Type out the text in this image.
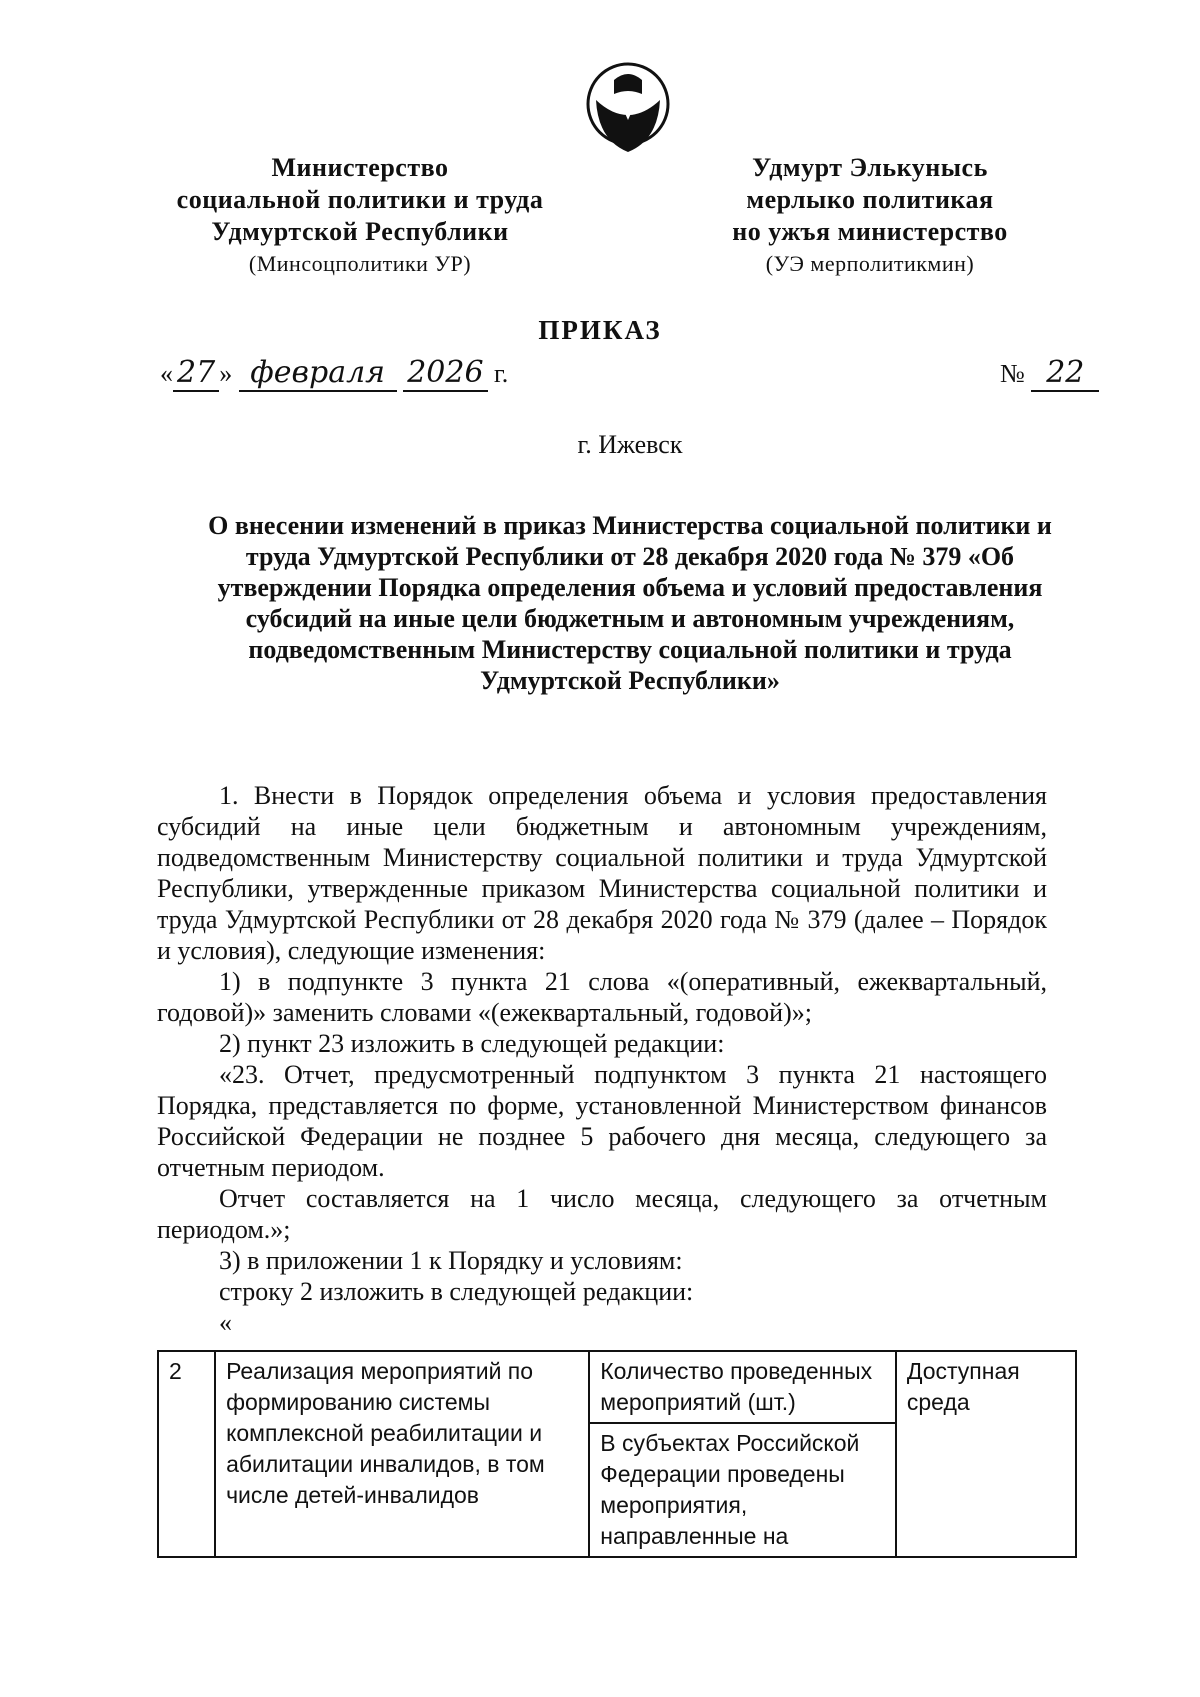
Министерство
социальной политики и труда
Удмуртской Республики
(Минсоцполитики УР)
Удмурт Элькунысь
мерлыко политикая
но ужъя министерство
(УЭ мерполитикмин)
ПРИКАЗ
« 27 » февраля 2026 г.	№ 22
г. Ижевск
О внесении изменений в приказ Министерства социальной политики и труда Удмуртской Республики от 28 декабря 2020 года № 379 «Об утверждении Порядка определения объема и условий предоставления субсидий на иные цели бюджетным и автономным учреждениям, подведомственным Министерству социальной политики и труда Удмуртской Республики»

1. Внести в Порядок определения объема и условия предоставления субсидий на иные цели бюджетным и автономным учреждениям, подведомственным Министерству социальной политики и труда Удмуртской Республики, утвержденные приказом Министерства социальной политики и труда Удмуртской Республики от 28 декабря 2020 года № 379 (далее – Порядок и условия), следующие изменения:

1) в подпункте 3 пункта 21 слова «(оперативный, ежеквартальный, годовой)» заменить словами «(ежеквартальный, годовой)»;

2) пункт 23 изложить в следующей редакции:

«23. Отчет, предусмотренный подпунктом 3 пункта 21 настоящего Порядка, представляется по форме, установленной Министерством финансов Российской Федерации не позднее 5 рабочего дня месяца, следующего за отчетным периодом.

Отчет составляется на 1 число месяца, следующего за отчетным периодом.»;

3) в приложении 1 к Порядку и условиям:

строку 2 изложить в следующей редакции:

«

2	Реализация мероприятий по формированию системы комплексной реабилитации и абилитации инвалидов, в том числе детей-инвалидов	Количество проведенных мероприятий (шт.)	Доступная среда
В субъектах Российской Федерации проведены мероприятия, направленные на
